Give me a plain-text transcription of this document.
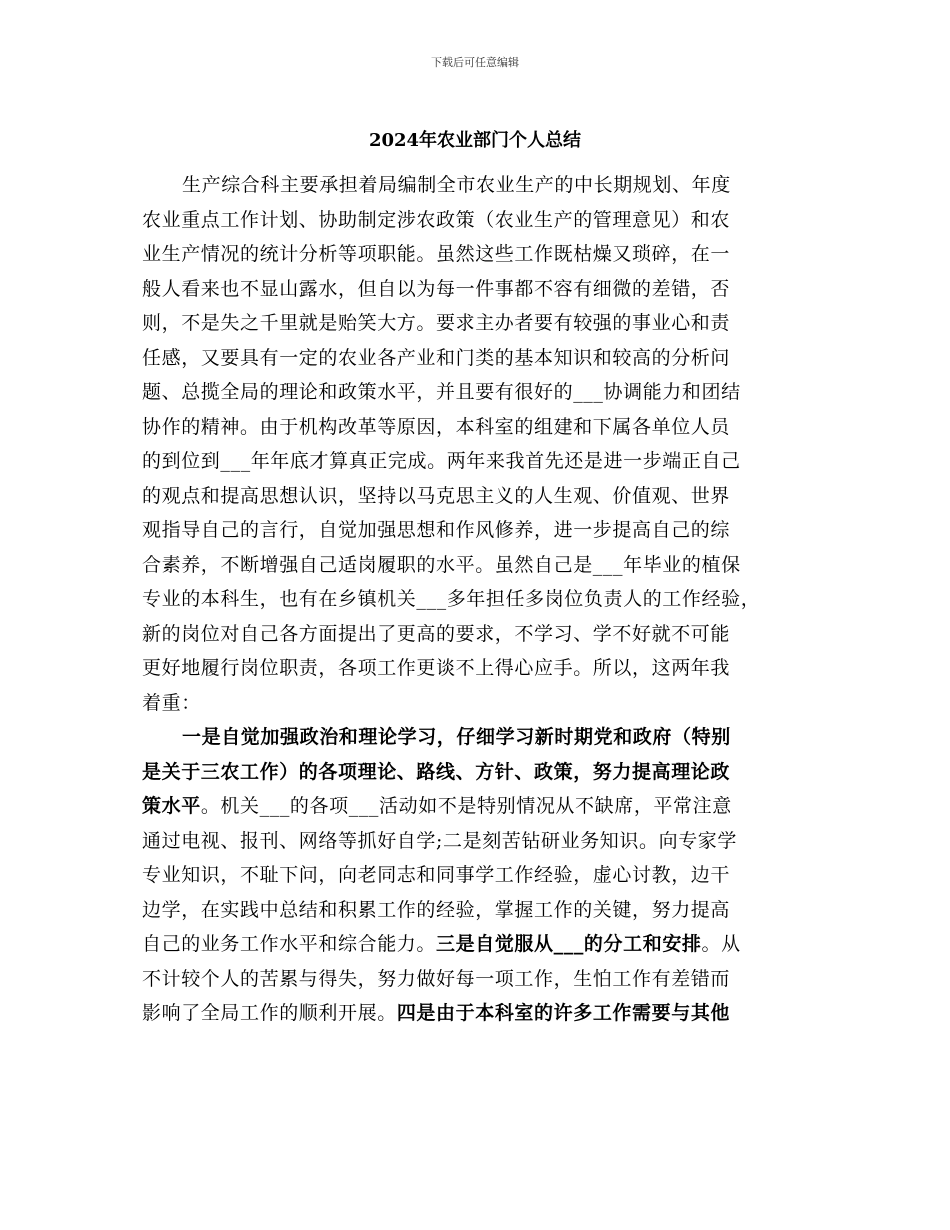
下载后可任意编辑
2024年农业部门个人总结
生产综合科主要承担着局编制全市农业生产的中长期规划、年度
农业重点工作计划、协助制定涉农政策（农业生产的管理意见）和农
业生产情况的统计分析等项职能。虽然这些工作既枯燥又琐碎，在一
般人看来也不显山露水，但自以为每一件事都不容有细微的差错，否
则，不是失之千里就是贻笑大方。要求主办者要有较强的事业心和责
任感，又要具有一定的农业各产业和门类的基本知识和较高的分析问
题、总揽全局的理论和政策水平，并且要有很好的___协调能力和团结
协作的精神。由于机构改革等原因，本科室的组建和下属各单位人员
的到位到___年年底才算真正完成。两年来我首先还是进一步端正自己
的观点和提高思想认识，坚持以马克思主义的人生观、价值观、世界
观指导自己的言行，自觉加强思想和作风修养，进一步提高自己的综
合素养，不断增强自己适岗履职的水平。虽然自己是___年毕业的植保
专业的本科生，也有在乡镇机关___多年担任多岗位负责人的工作经验，
新的岗位对自己各方面提出了更高的要求，不学习、学不好就不可能
更好地履行岗位职责，各项工作更谈不上得心应手。所以，这两年我
着重：
一是自觉加强政治和理论学习，仔细学习新时期党和政府（特别
是关于三农工作）的各项理论、路线、方针、政策，努力提高理论政
策水平。机关___的各项___活动如不是特别情况从不缺席，平常注意
通过电视、报刊、网络等抓好自学;二是刻苦钻研业务知识。向专家学
专业知识，不耻下问，向老同志和同事学工作经验，虚心讨教，边干
边学，在实践中总结和积累工作的经验，掌握工作的关键，努力提高
自己的业务工作水平和综合能力。三是自觉服从___的分工和安排。从
不计较个人的苦累与得失，努力做好每一项工作，生怕工作有差错而
影响了全局工作的顺利开展。四是由于本科室的许多工作需要与其他
